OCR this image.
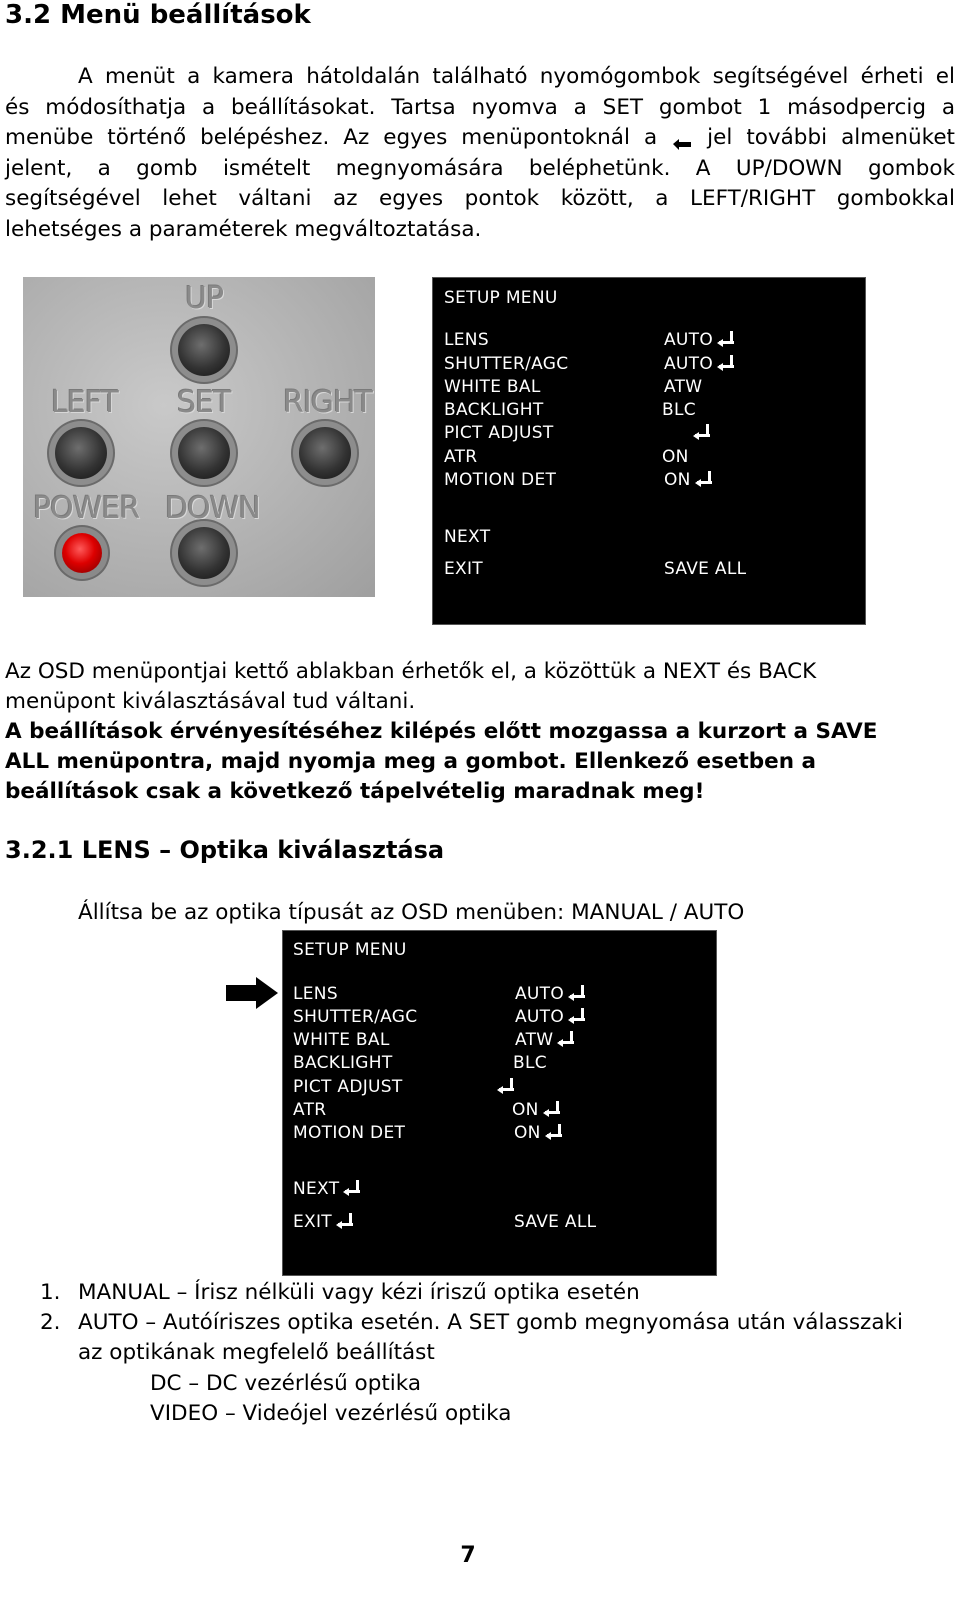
3.2 Menü beállítások
A menüt a kamera hátoldalán található nyomógombok segítségével érheti el
és módosíthatja a beállításokat. Tartsa nyomva a SET gombot 1 másodpercig a
menübe történő belépéshez. Az egyes menüpontoknál a jel további almenüket
jelent, a gomb ismételt megnyomására beléphetünk. A UP/DOWN gombok
segítségével lehet váltani az egyes pontok között, a LEFT/RIGHT gombokkal
lehetséges a paraméterek megváltoztatása.
UP
LEFT SET RIGHT
POWER DOWN
SETUP MENU
LENS	AUTO
SHUTTER/AGC	AUTO
WHITE BAL	ATW
BACKLIGHT	BLC
PICT ADJUST
ATR	ON
MOTION DET	ON
NEXT
EXIT	SAVE ALL
Az OSD menüpontjai kettő ablakban érhetők el, a közöttük a NEXT és BACK
menüpont kiválasztásával tud váltani.
A beállítások érvényesítéséhez kilépés előtt mozgassa a kurzort a SAVE
ALL menüpontra, majd nyomja meg a gombot. Ellenkező esetben a
beállítások csak a következő tápelvételig maradnak meg!
3.2.1 LENS – Optika kiválasztása
Állítsa be az optika típusát az OSD menüben: MANUAL / AUTO
SETUP MENU
LENS	AUTO
SHUTTER/AGC	AUTO
WHITE BAL	ATW
BACKLIGHT	BLC
PICT ADJUST
ATR	ON
MOTION DET	ON
NEXT
EXIT	SAVE ALL
1. MANUAL – Írisz nélküli vagy kézi íriszű optika esetén
2. AUTO – Autóíriszes optika esetén. A SET gomb megnyomása után válasszaki
az optikának megfelelő beállítást
DC – DC vezérlésű optika
VIDEO – Videójel vezérlésű optika
7
